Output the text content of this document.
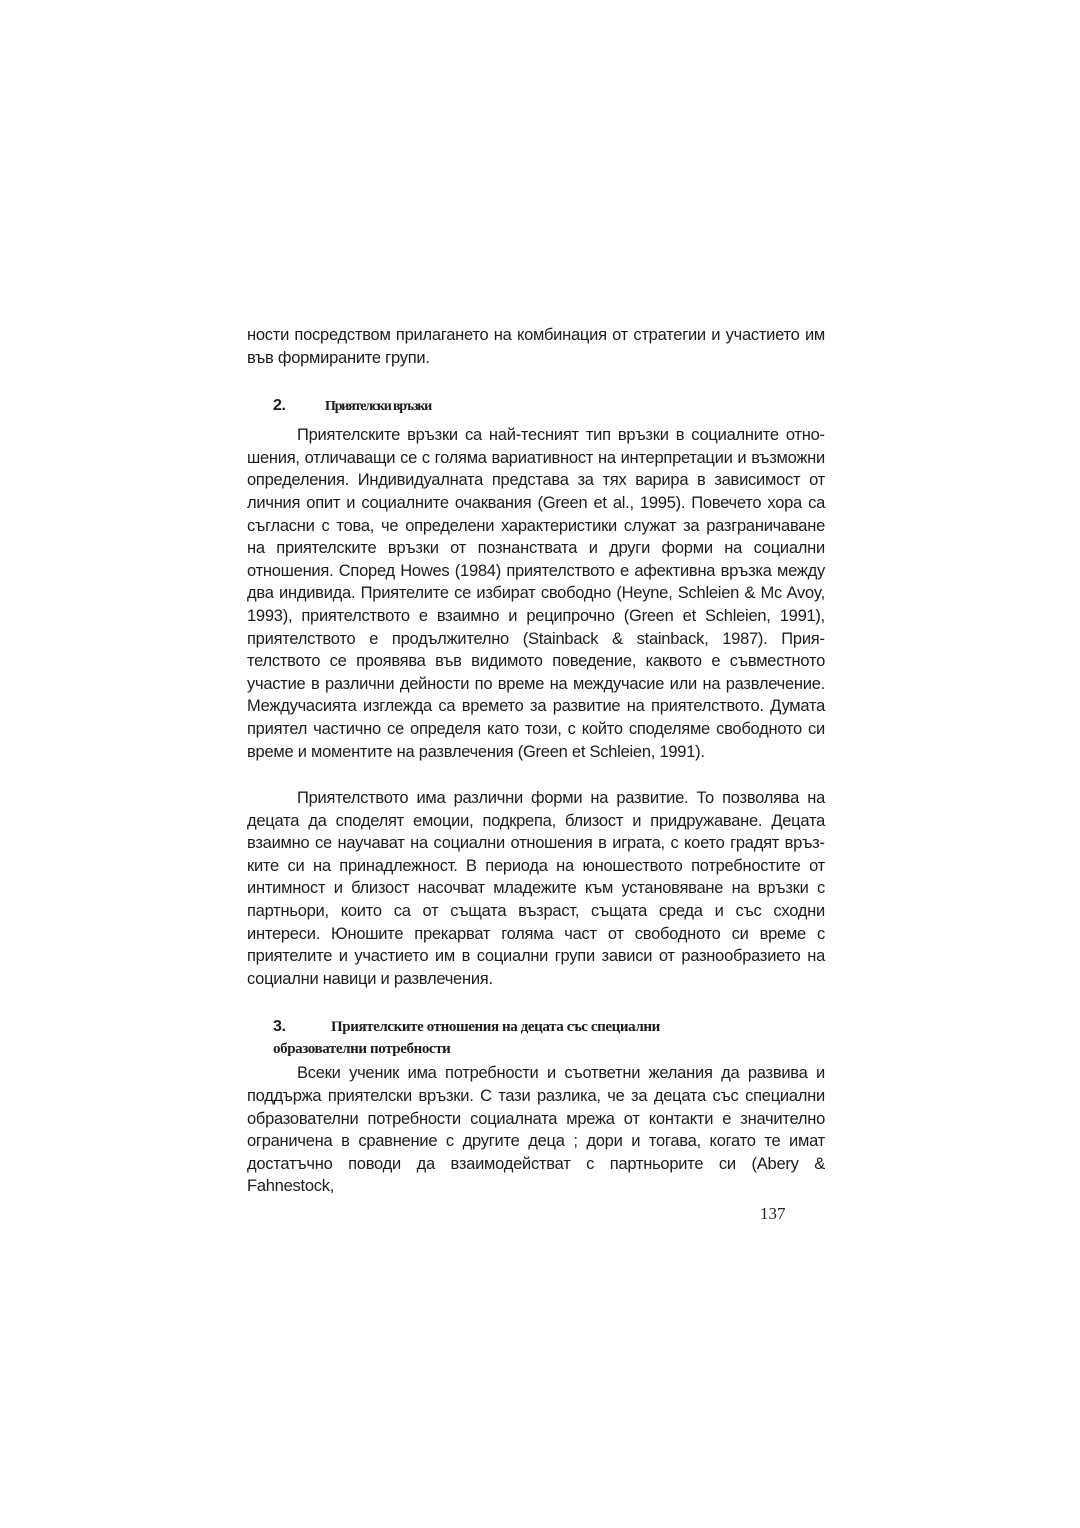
ности посредством прилагането на комбинация от стратегии и участието им във формираните групи.

2.	Приятелски връзки

Приятелските връзки са най-тесният тип връзки в социалните отношения, отличаващи се с голяма вариативност на интерпретации и възможни определения. Индивидуалната представа за тях варира в зависимост от личния опит и социалните очаквания (Green et al., 1995). Повечето хора са съгласни с това, че определени характеристики служат за разграничаване на приятелските връзки от познанствата и други форми на социални отношения. Според Howes (1984) приятелството е афективна връзка между два индивида. Приятелите се избират свободно (Heyne, Schleien & Mc Avoy, 1993), приятелството е взаимно и реципрочно (Green et Schleien, 1991), приятелството е продължително (Stainback & stainback, 1987). Приятелството се проявява във видимото поведение, каквото е съвместното участие в различни дейности по време на междучасие или на развлечение. Междучасията изглежда са времето за развитие на приятелството. Думата приятел частично се определя като този, с който споделяме свободното си време и моментите на развлечения (Green et Schleien, 1991).

Приятелството има различни форми на развитие. То позволява на децата да споделят емоции, подкрепа, близост и придружаване. Децата взаимно се научават на социални отношения в играта, с което градят връзките си на принадлежност. В периода на юношеството потребностите от интимност и близост насочват младежите към установяване на връзки с партньори, които са от същата възраст, същата среда и със сходни интереси. Юношите прекарват голяма част от свободното си време с приятелите и участието им в социални групи зависи от разнообразието на социални навици и развлечения.

3.	Приятелските отношения на децата със специални
образователни потребности

Всеки ученик има потребности и съответни желания да развива и поддържа приятелски връзки. С тази разлика, че за децата със специални образователни потребности социалната мрежа от контакти е значително ограничена в сравнение с другите деца ; дори и тогава, когато те имат достатъчно поводи да взаимодействат с партньорите си (Abery & Fahnestock,

137
